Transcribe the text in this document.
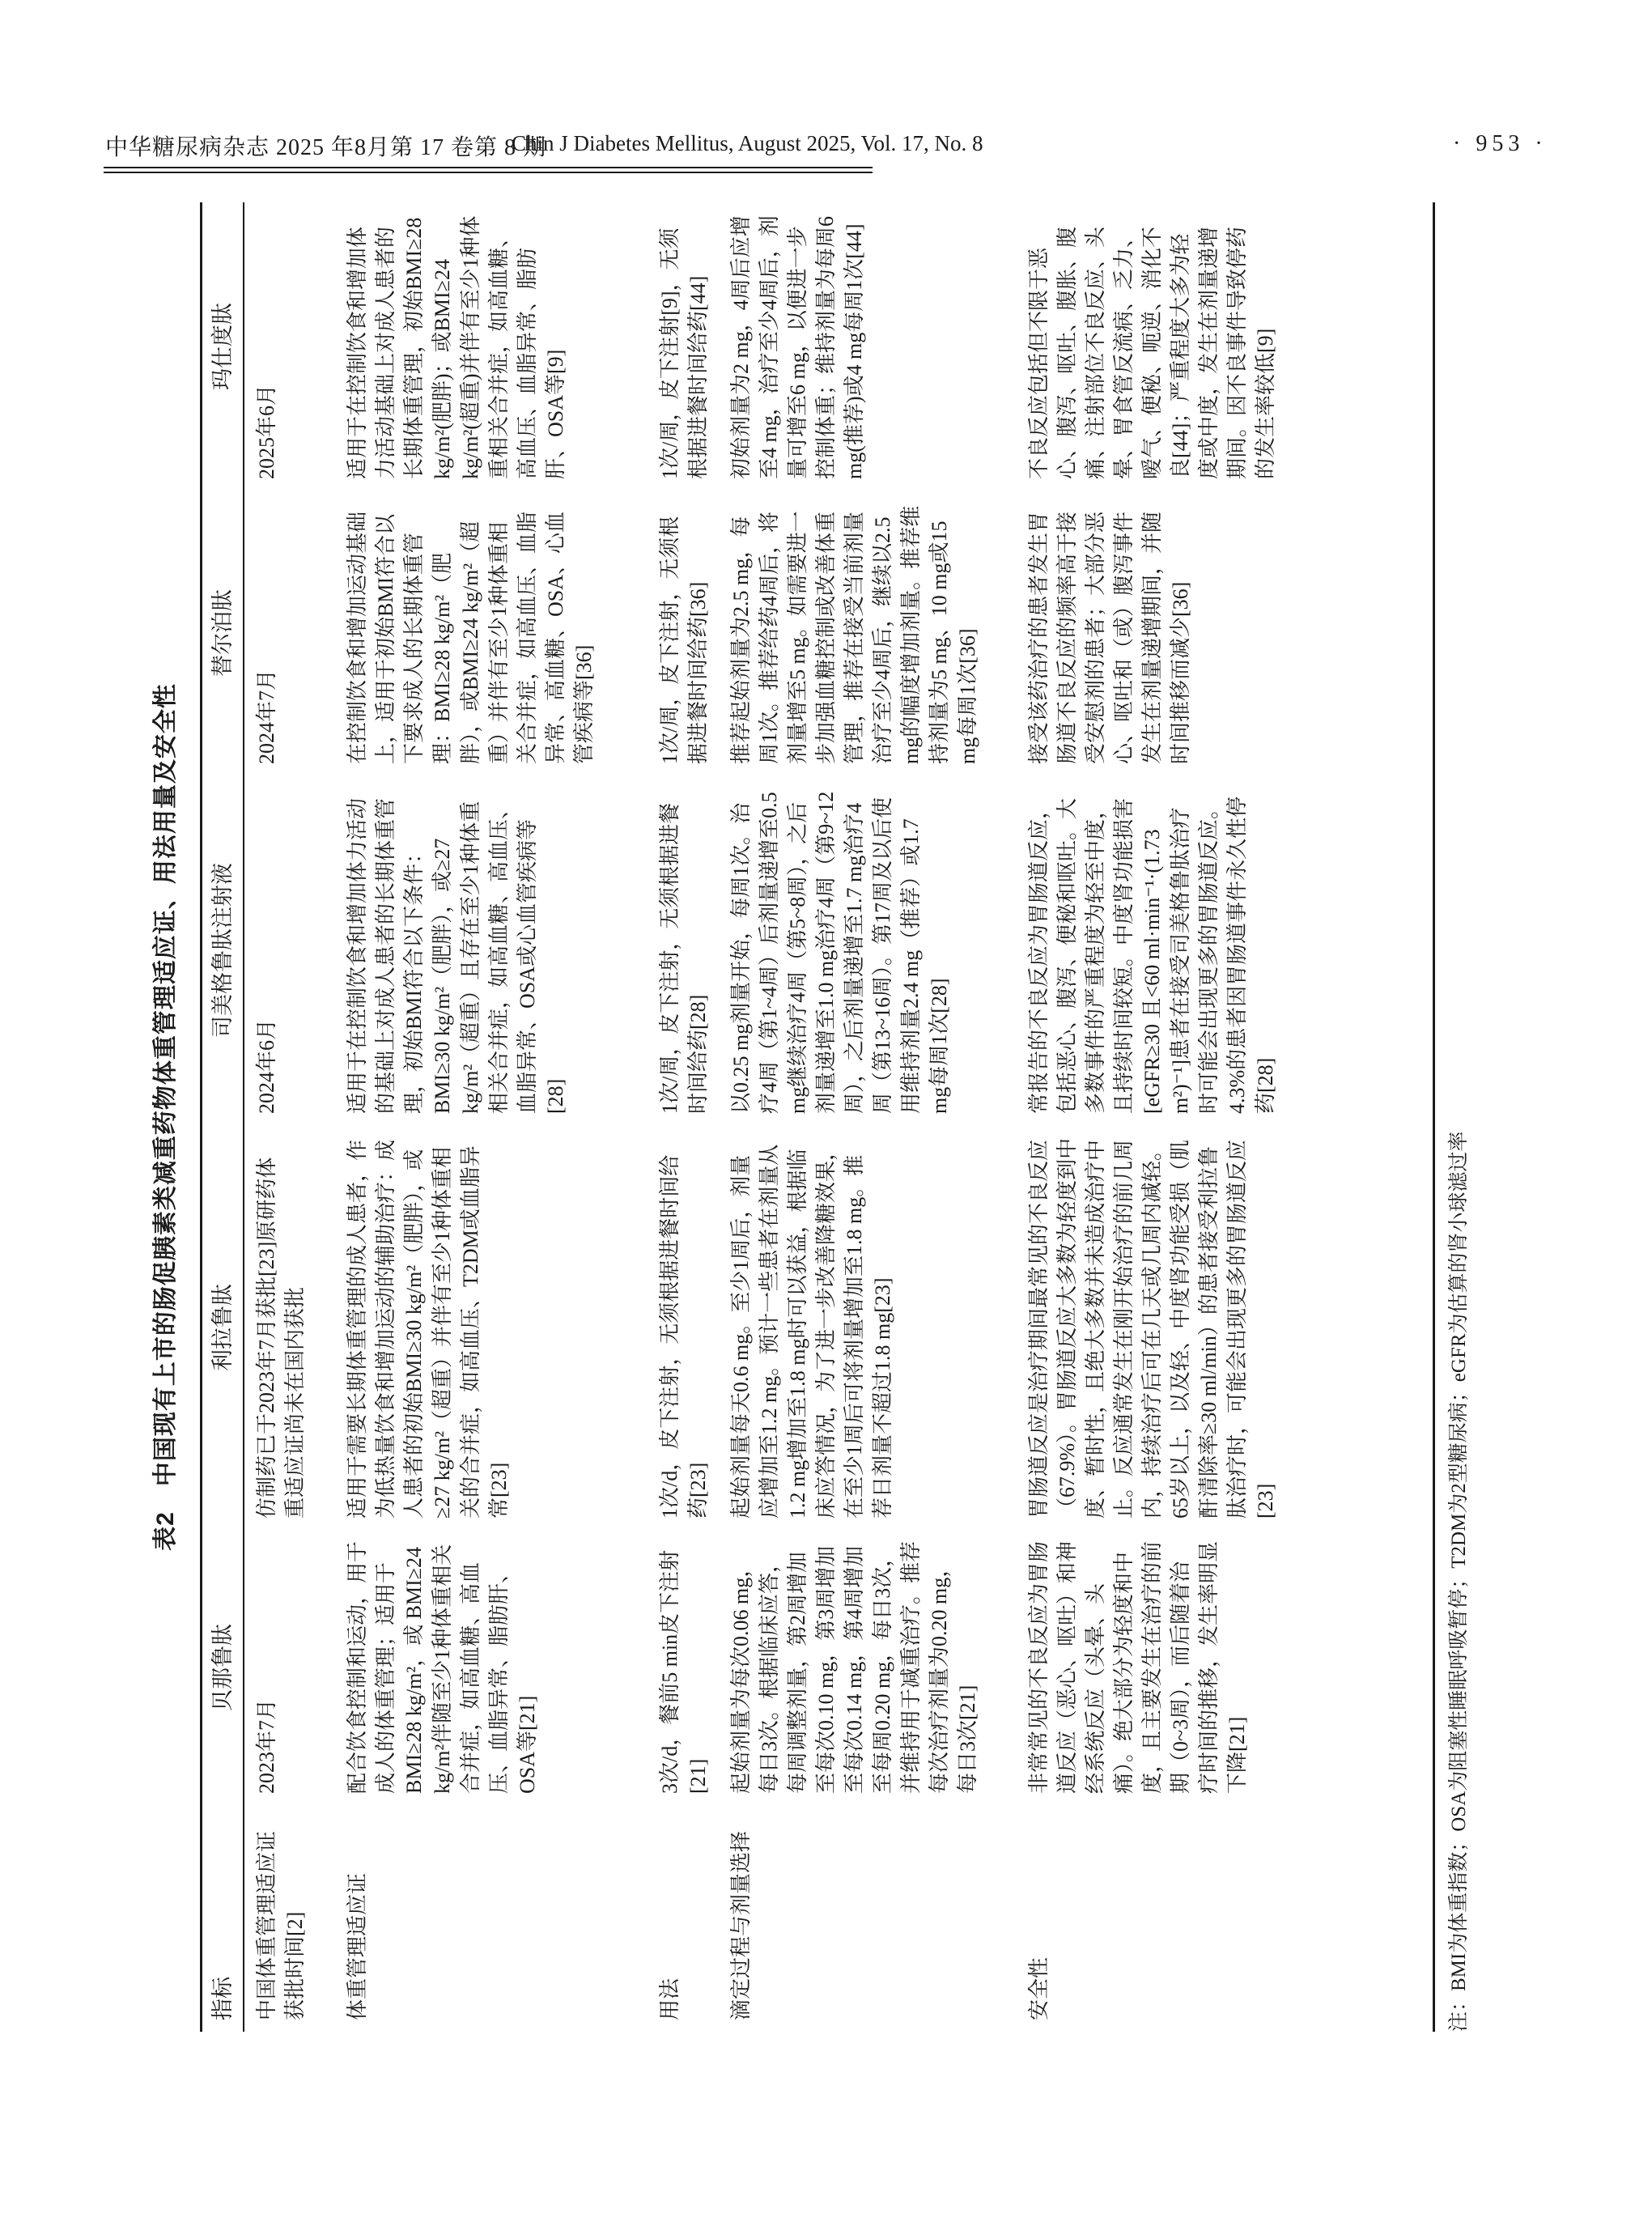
中华糖尿病杂志 2025 年8月第 17 卷第 8 期
Chin J Diabetes Mellitus, August 2025, Vol. 17, No. 8	· 953 ·
表2　中国现有上市的肠促胰素类减重药物体重管理适应证、用法用量及安全性
指标	贝那鲁肽	利拉鲁肽	司美格鲁肽注射液	替尔泊肽	玛仕度肽
中国体重管理适应证获批时间[2]	2023年7月	仿制药已于2023年7月获批[23]原研药体重适应证尚未在国内获批	2024年6月	2024年7月	2025年6月
体重管理适应证	配合饮食控制和运动，用于成人的体重管理；适用于BMI≥28 kg/m²，或 BMI≥24 kg/m²伴随至少1种体重相关合并症，如高血糖、高血压、血脂异常、脂肪肝、OSA等[21]	适用于需要长期体重管理的成人患者，作为低热量饮食和增加运动的辅助治疗：成人患者的初始BMI≥30 kg/m²（肥胖），或≥27 kg/m²（超重）并伴有至少1种体重相关的合并症，如高血压、T2DM或血脂异常[23]	适用于在控制饮食和增加体力活动的基础上对成人患者的长期体重管理，初始BMI符合以下条件：BMI≥30 kg/m²（肥胖），或≥27 kg/m²（超重）且存在至少1种体重相关合并症，如高血糖、高血压、血脂异常、OSA或心血管疾病等[28]	在控制饮食和增加运动基础上，适用于初始BMI符合以下要求成人的长期体重管理：BMI≥28 kg/m²（肥胖），或BMI≥24 kg/m²（超重）并伴有至少1种体重相关合并症，如高血压、血脂异常、高血糖、OSA、心血管疾病等[36]	适用于在控制饮食和增加体力活动基础上对成人患者的长期体重管理，初始BMI≥28 kg/m²(肥胖)；或BMI≥24 kg/m²(超重)并伴有至少1种体重相关合并症，如高血糖、高血压、血脂异常、脂肪肝、OSA等[9]
用法	3次/d，餐前5 min皮下注射[21]	1次/d，皮下注射，无须根据进餐时间给药[23]	1次/周，皮下注射，无须根据进餐时间给药[28]	1次/周，皮下注射，无须根据进餐时间给药[36]	1次/周，皮下注射[9]，无须根据进餐时间给药[44]
滴定过程与剂量选择	起始剂量为每次0.06 mg，每日3次。根据临床应答，每周调整剂量，第2周增加至每次0.10 mg，第3周增加至每次0.14 mg，第4周增加至每周0.20 mg，每日3次，并维持用于减重治疗。推荐每次治疗剂量为0.20 mg，每日3次[21]	起始剂量每天0.6 mg。至少1周后，剂量应增加至1.2 mg。预计一些患者在剂量从1.2 mg增加至1.8 mg时可以获益，根据临床应答情况，为了进一步改善降糖效果，在至少1周后可将剂量增加至1.8 mg。推荐日剂量不超过1.8 mg[23]	以0.25 mg剂量开始，每周1次。治疗4周（第1~4周）后剂量递增至0.5 mg继续治疗4周（第5~8周），之后剂量递增至1.0 mg治疗4周（第9~12周），之后剂量递增至1.7 mg治疗4周（第13~16周）。第17周及以后使用维持剂量2.4 mg（推荐）或1.7 mg每周1次[28]	推荐起始剂量为2.5 mg，每周1次。推荐给药4周后，将剂量增至5 mg。如需要进一步加强血糖控制或改善体重管理，推荐在接受当前剂量治疗至少4周后，继续以2.5 mg的幅度增加剂量。推荐维持剂量为5 mg、10 mg或15 mg每周1次[36]	初始剂量为2 mg，4周后应增至4 mg，治疗至少4周后，剂量可增至6 mg，以便进一步控制体重；维持剂量为每周6 mg(推荐)或4 mg每周1次[44]
安全性	非常常见的不良反应为胃肠道反应（恶心、呕吐）和神经系统反应（头晕、头痛）。绝大部分为轻度和中度，且主要发生在治疗的前期（0~3周），而后随着治疗时间的推移，发生率明显下降[21]	胃肠道反应是治疗期间最常见的不良反应（67.9%）。胃肠道反应大多数为轻度到中度、暂时性，且绝大多数并未造成治疗中止。反应通常发生在刚开始治疗的前几周内，持续治疗后可在几天或几周内减轻。65岁以上，以及轻、中度肾功能受损（肌酐清除率≥30 ml/min）的患者接受利拉鲁肽治疗时，可能会出现更多的胃肠道反应[23]	常报告的不良反应为胃肠道反应，包括恶心、腹泻、便秘和呕吐。大多数事件的严重程度为轻至中度，且持续时间较短。中度肾功能损害[eGFR≥30 且<60 ml·min⁻¹·(1.73 m²)⁻¹]患者在接受司美格鲁肽治疗时可能会出现更多的胃肠道反应。4.3%的患者因胃肠道事件永久性停药[28]	接受该药治疗的患者发生胃肠道不良反应的频率高于接受安慰剂的患者；大部分恶心、呕吐和（或）腹泻事件发生在剂量递增期间，并随时间推移而减少[36]	不良反应包括但不限于恶心、腹泻、呕吐、腹胀、腹痛、注射部位不良反应、头晕、胃食管反流病、乏力、嗳气、便秘、呃逆、消化不良[44]；严重程度大多为轻度或中度，发生在剂量递增期间。因不良事件导致停药的发生率较低[9]
注：BMI为体重指数；OSA为阻塞性睡眠呼吸暂停；T2DM为2型糖尿病；eGFR为估算的肾小球滤过率
